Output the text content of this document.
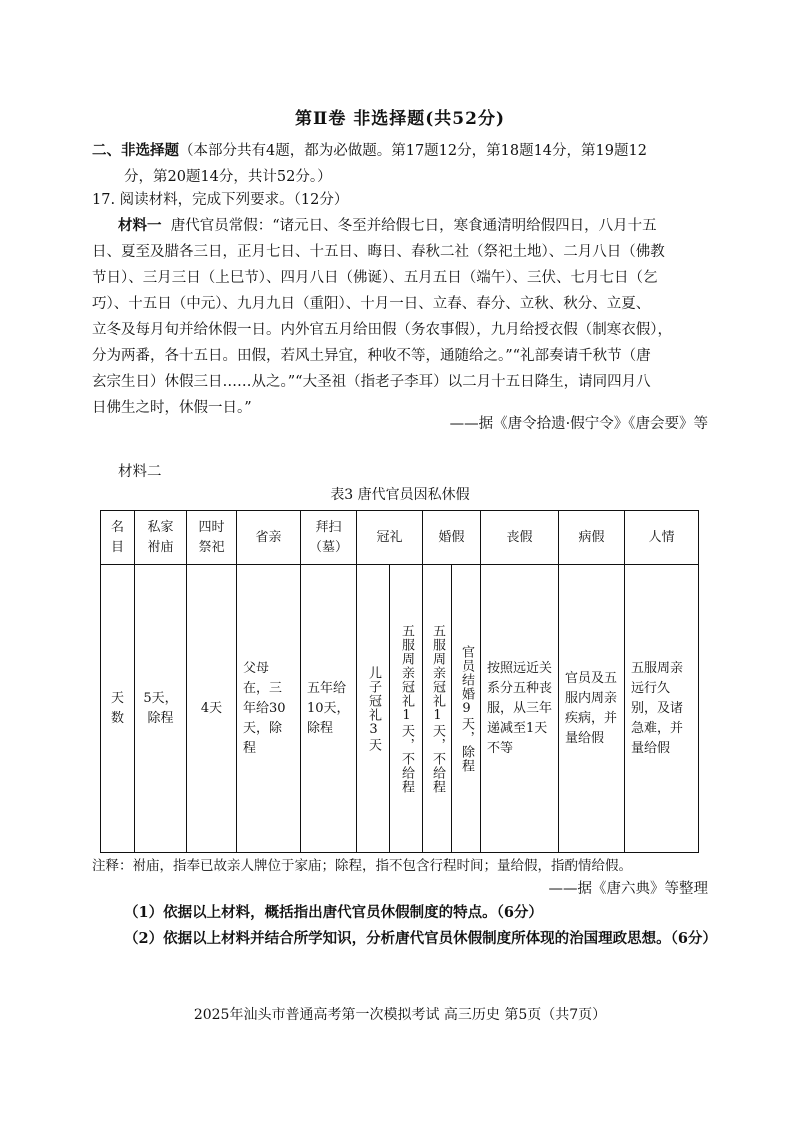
第Ⅱ卷 非选择题(共52分)
二、非选择题（本部分共有4题，都为必做题。第17题12分，第18题14分，第19题12
分，第20题14分，共计52分。）
17. 阅读材料，完成下列要求。（12分）
材料一 唐代官员常假：“诸元日、冬至并给假七日，寒食通清明给假四日，八月十五
日、夏至及腊各三日，正月七日、十五日、晦日、春秋二社（祭祀土地）、二月八日（佛教
节日）、三月三日（上巳节）、四月八日（佛诞）、五月五日（端午）、三伏、七月七日（乞
巧）、十五日（中元）、九月九日（重阳）、十月一日、立春、春分、立秋、秋分、立夏、
立冬及每月旬并给休假一日。内外官五月给田假（务农事假），九月给授衣假（制寒衣假），
分为两番，各十五日。田假，若风土异宜，种收不等，通随给之。”“礼部奏请千秋节（唐
玄宗生日）休假三日……从之。”“大圣祖（指老子李耳）以二月十五日降生，请同四月八
日佛生之时，休假一日。”
——据《唐令拾遗·假宁令》《唐会要》等
材料二
表3 唐代官员因私休假
名目	私家祔庙	四时祭祀	省亲	拜扫（墓）	冠礼		婚假		丧假	病假	人情
天数	5天，除程	4天	父母在，三年给30天，除程	五年给10天，除程	儿子冠礼3天	五服周亲冠礼1天，不给程	五服周亲冠礼1天，不给程	官员结婚9天，除程	按照远近关系分五种丧服，从三年递减至1天不等	官员及五服内周亲疾病，并量给假	五服周亲远行久别，及诸急难，并量给假
注释：祔庙，指奉已故亲人牌位于家庙；除程，指不包含行程时间；量给假，指酌情给假。
——据《唐六典》等整理
（1）依据以上材料，概括指出唐代官员休假制度的特点。（6分）
（2）依据以上材料并结合所学知识，分析唐代官员休假制度所体现的治国理政思想。（6分）
2025年汕头市普通高考第一次模拟考试 高三历史 第5页（共7页）
